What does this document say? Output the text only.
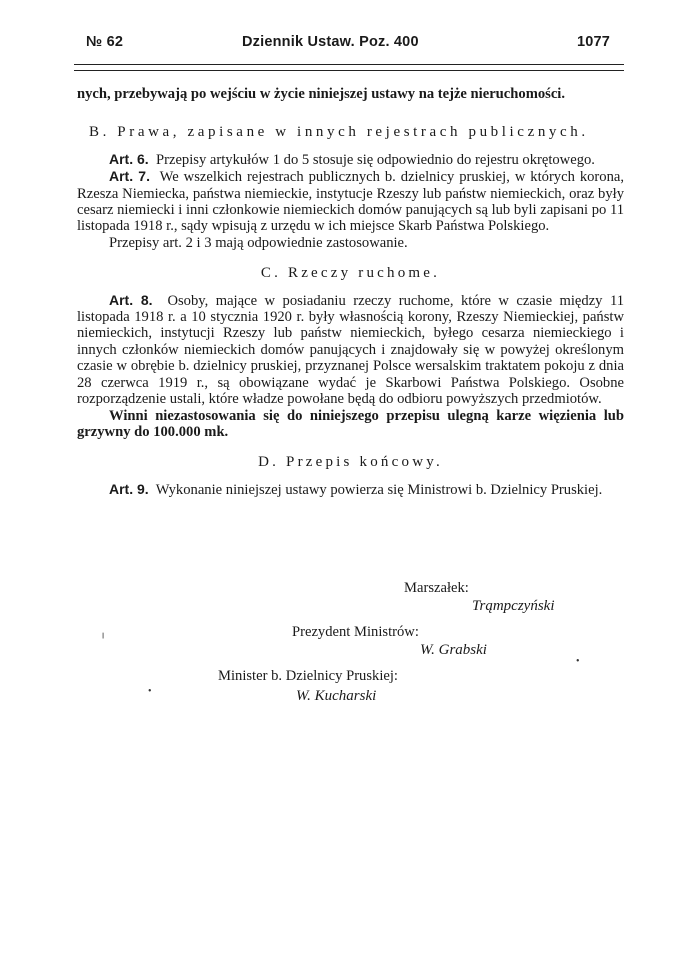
№ 62	Dziennik Ustaw. Poz. 400	1077

nych, przebywają po wejściu w życie niniejszej ustawy na tejże nieruchomości.

B. Prawa, zapisane w innych rejestrach publicznych.

Art. 6. Przepisy artykułów 1 do 5 stosuje się odpowiednio do rejestru okrętowego.

Art. 7. We wszelkich rejestrach publicznych b. dzielnicy pruskiej, w których korona, Rzesza Niemiecka, państwa niemieckie, instytucje Rzeszy lub państw niemieckich, oraz były cesarz niemiecki i inni członkowie niemieckich domów panujących są lub byli zapisani po 11 listopada 1918 r., sądy wpisują z urzędu w ich miejsce Skarb Państwa Polskiego.

Przepisy art. 2 i 3 mają odpowiednie zastosowanie.

C. Rzeczy ruchome.

Art. 8. Osoby, mające w posiadaniu rzeczy ruchome, które w czasie między 11 listopada 1918 r. a 10 stycznia 1920 r. były własnością korony, Rzeszy Niemieckiej, państw niemieckich, instytucji Rzeszy lub państw niemieckich, byłego cesarza niemieckiego i innych członków niemieckich domów panujących i znajdowały się w powyżej określonym czasie w obrębie b. dzielnicy pruskiej, przyznanej Polsce wersalskim traktatem pokoju z dnia 28 czerwca 1919 r., są obowiązane wydać je Skarbowi Państwa Polskiego. Osobne rozporządzenie ustali, które władze powołane będą do odbioru powyższych przedmiotów.

Winni niezastosowania się do niniejszego przepisu ulegną karze więzienia lub grzywny do 100.000 mk.

D. Przepis końcowy.

Art. 9. Wykonanie niniejszej ustawy powierza się Ministrowi b. Dzielnicy Pruskiej.

Marszałek:
Trąmpczyński
Prezydent Ministrów:
W. Grabski
Minister b. Dzielnicy Pruskiej:
W. Kucharski
╵
•
•
